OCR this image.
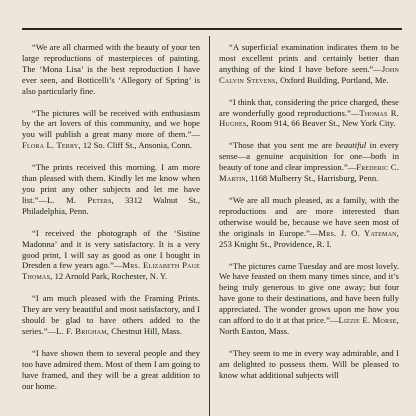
“We are all charmed with the beauty of your ten large reproductions of masterpieces of painting. The ‘Mona Lisa’ is the best reproduction I have ever seen, and Botticelli’s ‘Allegory of Spring’ is also particularly fine.

“The pictures will be received with enthusiasm by the art lovers of this community, and we hope you will publish a great many more of them.”—Flora L. Terry, 12 So. Cliff St., Ansonia, Conn.

“The prints received this morning. I am more than pleased with them. Kindly let me know when you print any other subjects and let me have list.”—L. M. Peters, 3312 Walnut St., Philadelphia, Penn.

“I received the photograph of the ‘Sistine Madonna’ and it is very satisfactory. It is a very good print, I will say as good as one I bought in Dresden a few years ago.”—Mrs. Elizabeth Page Thomas, 12 Arnold Park, Rochester, N. Y.

“I am much pleased with the Framing Prints. They are very beautiful and most satisfactory, and I should be glad to have others added to the series.”—L. F. Brigham, Chestnut Hill, Mass.

“I have shown them to several people and they too have admired them. Most of them I am going to have framed, and they will be a great addition to our home.

“A superficial examination indicates them to be most excellent prints and certainly better than anything of the kind I have before seen.”—John Calvin Stevens, Oxford Building, Portland, Me.

“I think that, considering the price charged, these are wonderfully good reproductions.”—Thomas R. Hughes, Room 914, 66 Beaver St., New York City.

“Those that you sent me are beautiful in every sense—a genuine acquisition for one—both in beauty of tone and clear impression.”—Frederic C. Martin, 1168 Mulberry St., Harrisburg, Penn.

“We are all much pleased, as a family, with the reproductions and are more interested than otherwise would be, because we have seen most of the originals in Europe.”—Mrs. J. O. Yateman, 253 Knight St., Providence, R. I.

“The pictures came Tuesday and are most lovely. We have feasted on them many times since, and it’s being truly generous to give one away; but four have gone to their destinations, and have been fully appreciated. The wonder grows upon me how you can afford to do it at that price.”—Lizzie E. Morse, North Easton, Mass.

“They seem to me in every way admirable, and I am delighted to possess them. Will be pleased to know what additional subjects will
